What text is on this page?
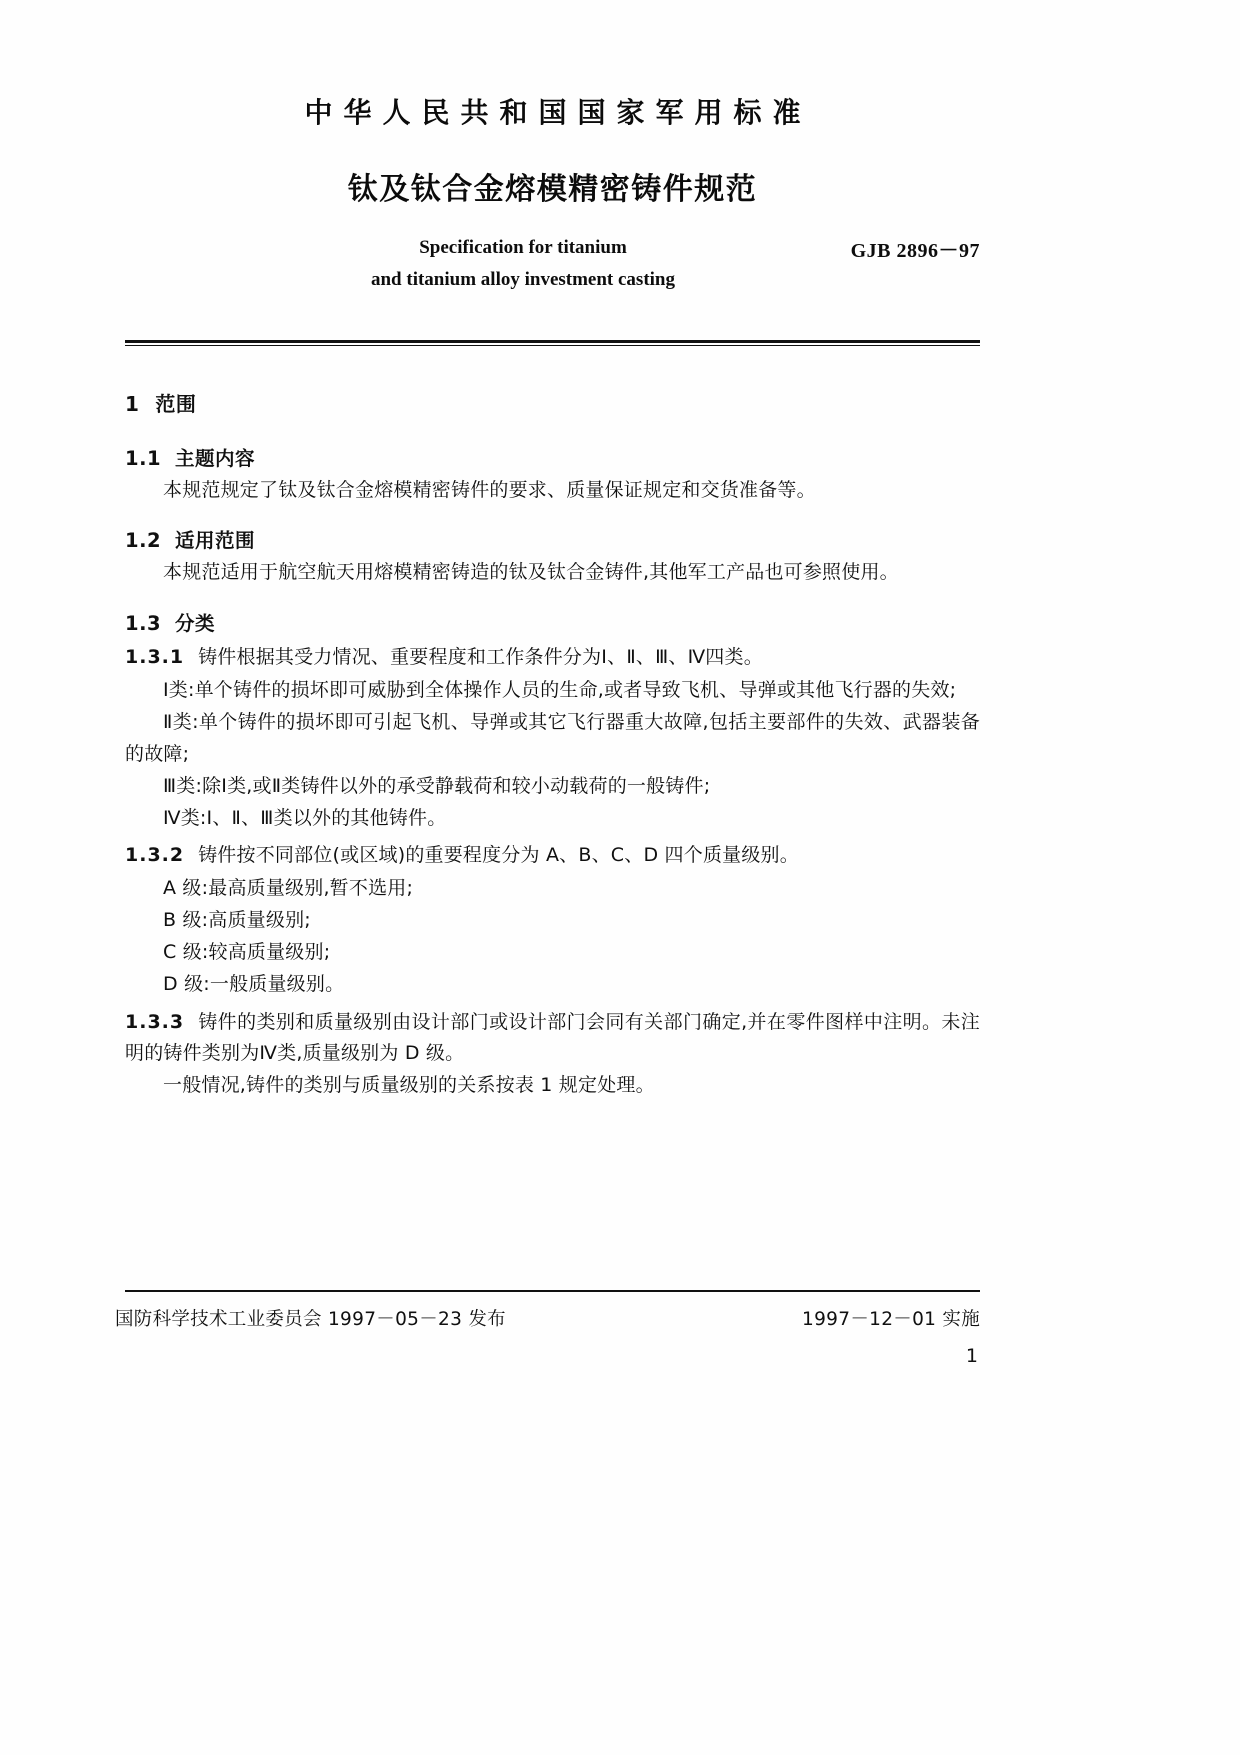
中华人民共和国国家军用标准
钛及钛合金熔模精密铸件规范
Specification for titanium
and titanium alloy investment casting
GJB 2896－97
1 范围
1.1 主题内容

本规范规定了钛及钛合金熔模精密铸件的要求、质量保证规定和交货准备等。

1.2 适用范围

本规范适用于航空航天用熔模精密铸造的钛及钛合金铸件,其他军工产品也可参照使用。

1.3 分类

1.3.1 铸件根据其受力情况、重要程度和工作条件分为Ⅰ、Ⅱ、Ⅲ、Ⅳ四类。

Ⅰ类:单个铸件的损坏即可威胁到全体操作人员的生命,或者导致飞机、导弹或其他飞行器的失效;

Ⅱ类:单个铸件的损坏即可引起飞机、导弹或其它飞行器重大故障,包括主要部件的失效、武器装备的故障;

Ⅲ类:除Ⅰ类,或Ⅱ类铸件以外的承受静载荷和较小动载荷的一般铸件;

Ⅳ类:Ⅰ、Ⅱ、Ⅲ类以外的其他铸件。

1.3.2 铸件按不同部位(或区域)的重要程度分为 A、B、C、D 四个质量级别。

A 级:最高质量级别,暂不选用;

B 级:高质量级别;

C 级:较高质量级别;

D 级:一般质量级别。

1.3.3 铸件的类别和质量级别由设计部门或设计部门会同有关部门确定,并在零件图样中注明。未注明的铸件类别为Ⅳ类,质量级别为 D 级。

一般情况,铸件的类别与质量级别的关系按表 1 规定处理。

国防科学技术工业委员会 1997－05－23 发布	1997－12－01 实施
1
